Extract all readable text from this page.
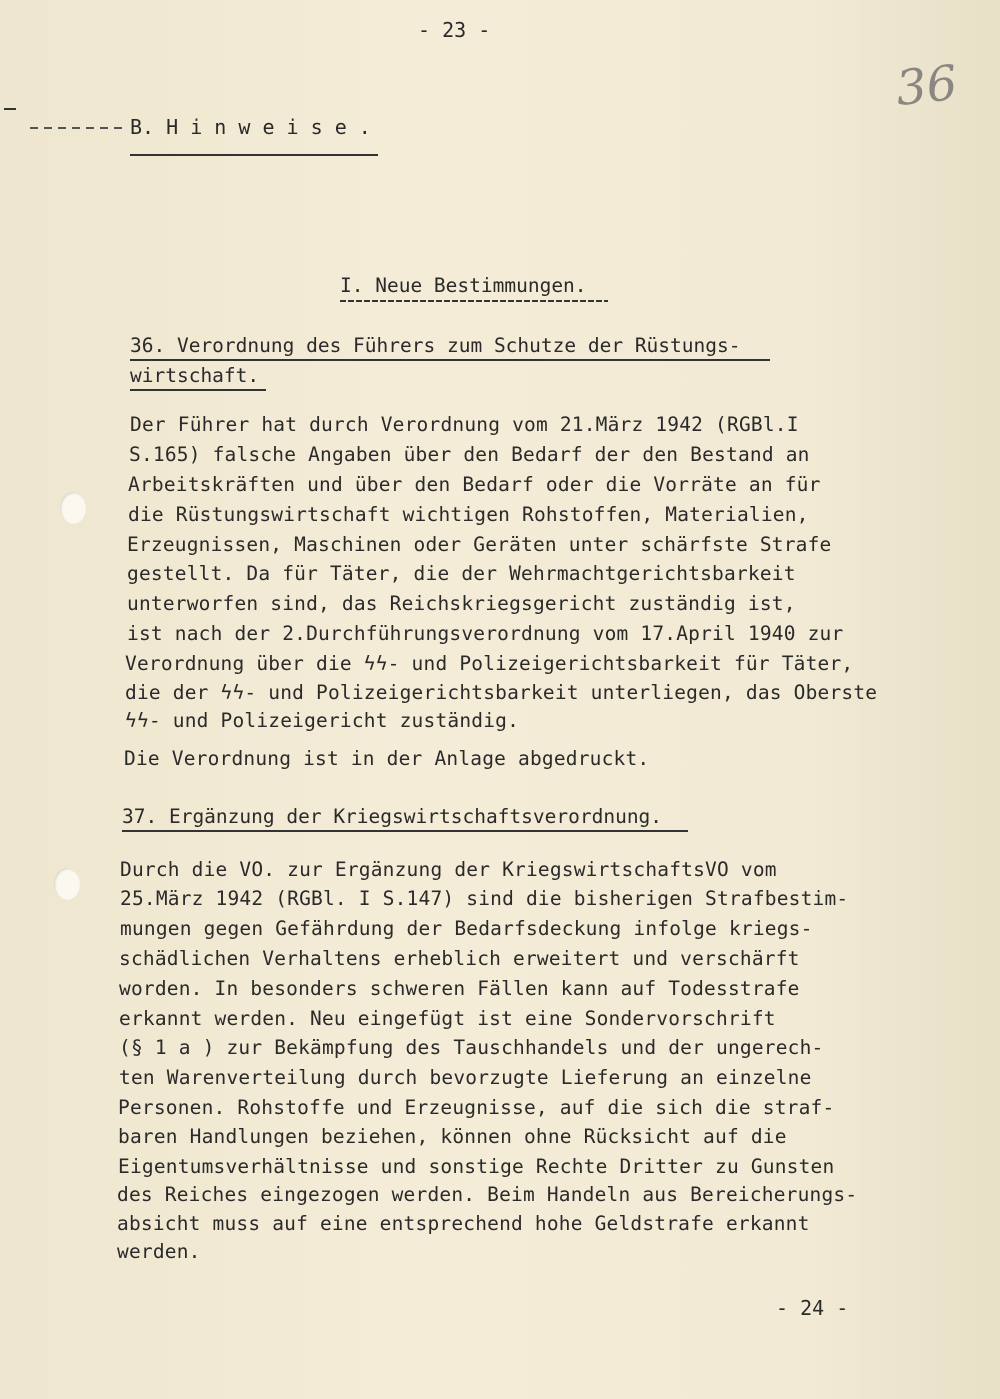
- 23 -
36
B. H i n w e i s e .
I. Neue Bestimmungen.
36. Verordnung des Führers zum Schutze der Rüstungs-
wirtschaft.
Der Führer hat durch Verordnung vom 21.März 1942 (RGBl.I
S.165) falsche Angaben über den Bedarf der den Bestand an
Arbeitskräften und über den Bedarf oder die Vorräte an für
die Rüstungswirtschaft wichtigen Rohstoffen, Materialien,
Erzeugnissen, Maschinen oder Geräten unter schärfste Strafe
gestellt. Da für Täter, die der Wehrmachtgerichtsbarkeit
unterworfen sind, das Reichskriegsgericht zuständig ist,
ist nach der 2.Durchführungsverordnung vom 17.April 1940 zur
Verordnung über die ϟϟ- und Polizeigerichtsbarkeit für Täter,
die der ϟϟ- und Polizeigerichtsbarkeit unterliegen, das Oberste
ϟϟ- und Polizeigericht zuständig.
Die Verordnung ist in der Anlage abgedruckt.
37. Ergänzung der Kriegswirtschaftsverordnung.
Durch die VO. zur Ergänzung der KriegswirtschaftsVO vom
25.März 1942 (RGBl. I S.147) sind die bisherigen Strafbestim-
mungen gegen Gefährdung der Bedarfsdeckung infolge kriegs-
schädlichen Verhaltens erheblich erweitert und verschärft
worden. In besonders schweren Fällen kann auf Todesstrafe
erkannt werden. Neu eingefügt ist eine Sondervorschrift
(§ 1 a ) zur Bekämpfung des Tauschhandels und der ungerech-
ten Warenverteilung durch bevorzugte Lieferung an einzelne
Personen. Rohstoffe und Erzeugnisse, auf die sich die straf-
baren Handlungen beziehen, können ohne Rücksicht auf die
Eigentumsverhältnisse und sonstige Rechte Dritter zu Gunsten
des Reiches eingezogen werden. Beim Handeln aus Bereicherungs-
absicht muss auf eine entsprechend hohe Geldstrafe erkannt
werden.
- 24 -
